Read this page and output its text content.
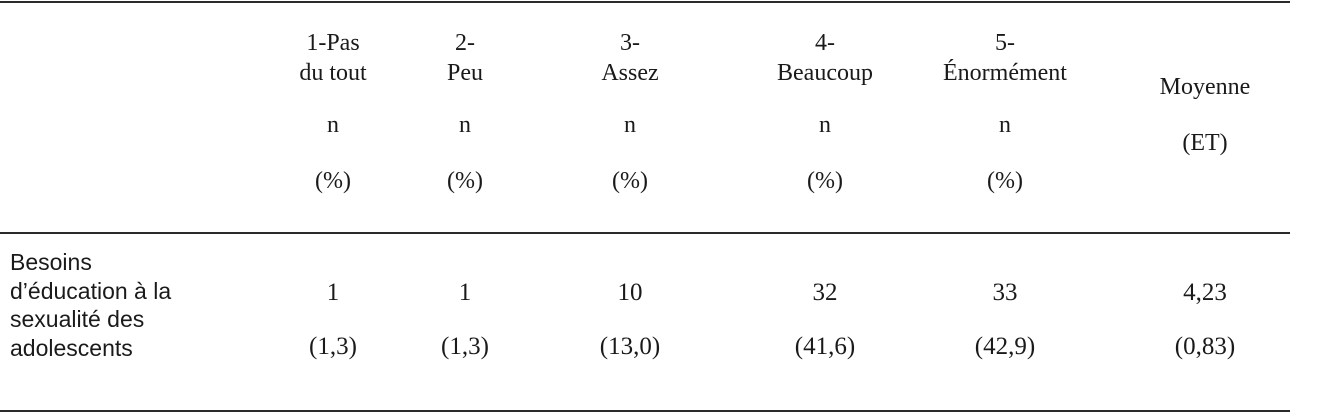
1-Pas
du tout
n
(%)
2-
Peu
n
(%)
3-
Assez
n
(%)
4-
Beaucoup
n
(%)
5-
Énormément
n
(%)
Moyenne
(ET)
Besoins
d’éducation à la
sexualité des
adolescents
1
(1,3)
1
(1,3)
10
(13,0)
32
(41,6)
33
(42,9)
4,23
(0,83)
